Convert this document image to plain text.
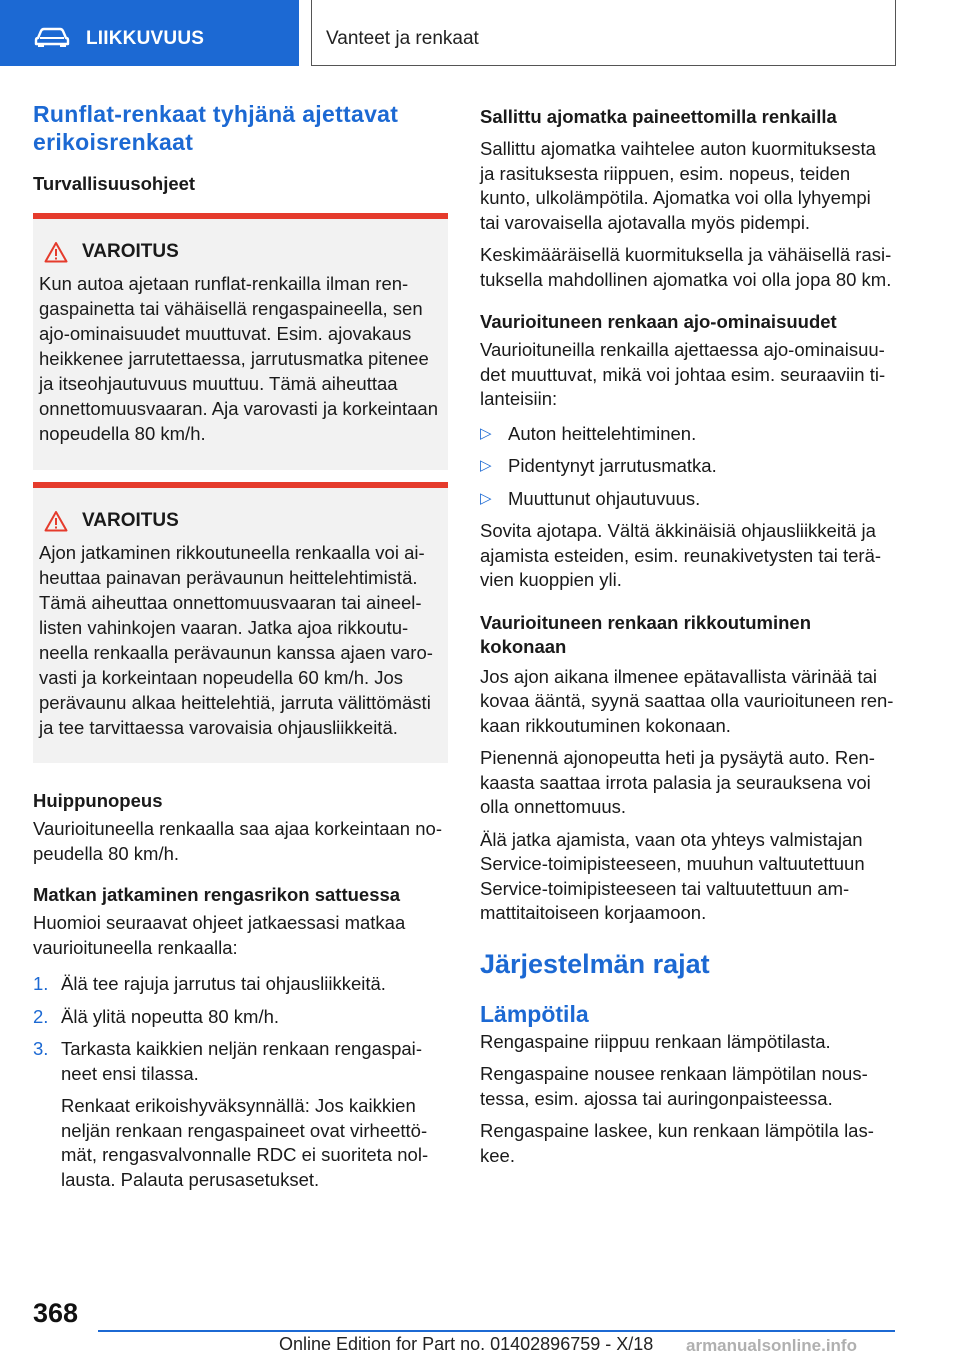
LIIKKUVUUS	Vanteet ja renkaat
Runflat-renkaat tyhjänä ajettavat erikoisrenkaat
Turvallisuusohjeet
VAROITUS

Kun autoa ajetaan runflat-renkailla ilman rengaspainetta tai vähäisellä rengaspaineella, sen ajo-ominaisuudet muuttuvat. Esim. ajovakaus heikkenee jarrutettaessa, jarrutusmatka pitenee ja itseohjautuvuus muuttuu. Tämä aiheuttaa onnettomuusvaaran. Aja varovasti ja korkeintaan nopeudella 80 km/h.

VAROITUS

Ajon jatkaminen rikkoutuneella renkaalla voi aiheuttaa painavan perävaunun heittelehtimistä. Tämä aiheuttaa onnettomuusvaaran tai aineellisten vahinkojen vaaran. Jatka ajoa rikkoutuneella renkaalla perävaunun kanssa ajaen varovasti ja korkeintaan nopeudella 60 km/h. Jos perävaunu alkaa heittelehtiä, jarruta välittömästi ja tee tarvittaessa varovaisia ohjausliikkeitä.

Huippunopeus

Vaurioituneella renkaalla saa ajaa korkeintaan nopeudella 80 km/h.

Matkan jatkaminen rengasrikon sattuessa

Huomioi seuraavat ohjeet jatkaessasi matkaa vaurioituneella renkaalla:

1. Älä tee rajuja jarrutus tai ohjausliikkeitä.
2. Älä ylitä nopeutta 80 km/h.
3. Tarkasta kaikkien neljän renkaan rengaspaineet ensi tilassa.

Renkaat erikoishyväksynnällä: Jos kaikkien neljän renkaan rengaspaineet ovat virheettömät, rengasvalvonnalle RDC ei suoriteta nollausta. Palauta perusasetukset.

Sallittu ajomatka paineettomilla renkailla

Sallittu ajomatka vaihtelee auton kuormituksesta ja rasituksesta riippuen, esim. nopeus, teiden kunto, ulkolämpötila. Ajomatka voi olla lyhyempi tai varovaisella ajotavalla myös pidempi.

Keskimääräisellä kuormituksella ja vähäisellä rasituksella mahdollinen ajomatka voi olla jopa 80 km.

Vaurioituneen renkaan ajo-ominaisuudet

Vaurioituneilla renkailla ajettaessa ajo-ominaisuudet muuttuvat, mikä voi johtaa esim. seuraaviin tilanteisiin:

▷ Auton heittelehtiminen.
▷ Pidentynyt jarrutusmatka.
▷ Muuttunut ohjautuvuus.

Sovita ajotapa. Vältä äkkinäisiä ohjausliikkeitä ja ajamista esteiden, esim. reunakivetysten tai terävien kuoppien yli.

Vaurioituneen renkaan rikkoutuminen kokonaan

Jos ajon aikana ilmenee epätavallista värinää tai kovaa ääntä, syynä saattaa olla vaurioituneen renkaan rikkoutuminen kokonaan.

Pienennä ajonopeutta heti ja pysäytä auto. Renkaasta saattaa irrota palasia ja seurauksena voi olla onnettomuus.

Älä jatka ajamista, vaan ota yhteys valmistajan Service-toimipisteeseen, muuhun valtuutettuun Service-toimipisteeseen tai valtuutettuun ammattitaitoiseen korjaamoon.

Järjestelmän rajat
Lämpötila

Rengaspaine riippuu renkaan lämpötilasta.

Rengaspaine nousee renkaan lämpötilan noustessa, esim. ajossa tai auringonpaisteessa.

Rengaspaine laskee, kun renkaan lämpötila laskee.

368
Online Edition for Part no. 01402896759 - X/18 armanualsonline.info
